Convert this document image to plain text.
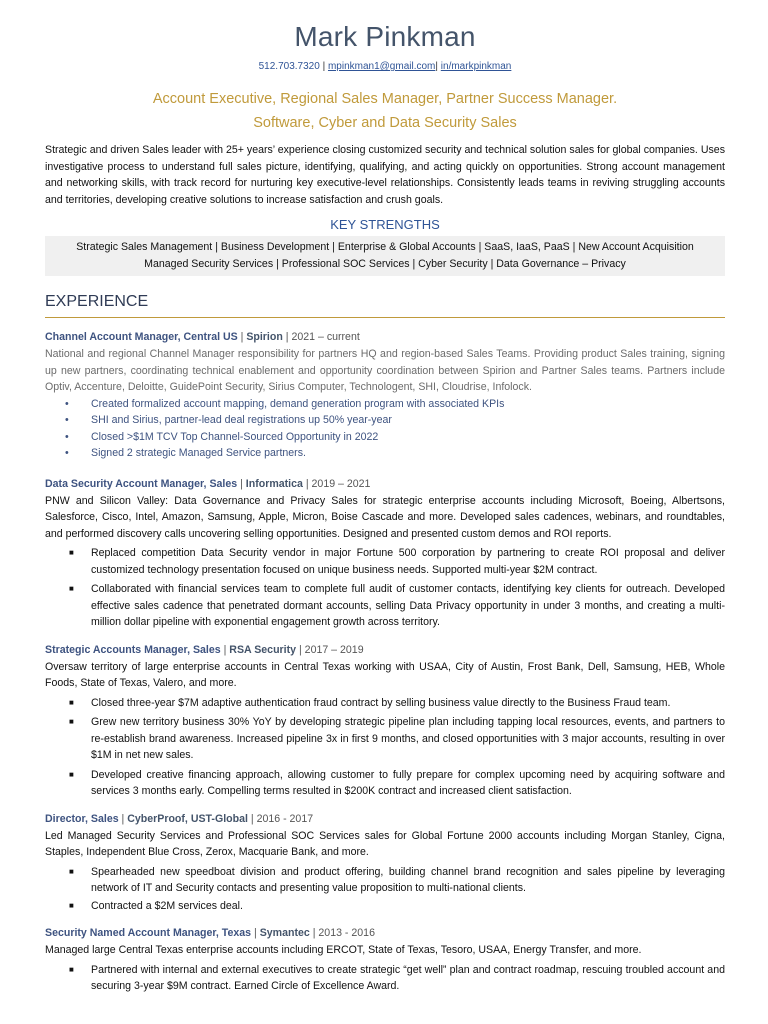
Mark Pinkman
512.703.7320 | mpinkman1@gmail.com| in/markpinkman
Account Executive, Regional Sales Manager, Partner Success Manager.
Software, Cyber and Data Security Sales
Strategic and driven Sales leader with 25+ years’ experience closing customized security and technical solution sales for global companies. Uses investigative process to understand full sales picture, identifying, qualifying, and acting quickly on opportunities. Strong account management and networking skills, with track record for nurturing key executive-level relationships. Consistently leads teams in reviving struggling accounts and territories, developing creative solutions to increase satisfaction and crush goals.
KEY STRENGTHS
Strategic Sales Management | Business Development | Enterprise & Global Accounts | SaaS, IaaS, PaaS | New Account Acquisition
Managed Security Services | Professional SOC Services | Cyber Security | Data Governance – Privacy
EXPERIENCE
Channel Account Manager, Central US | Spirion | 2021 – current
National and regional Channel Manager responsibility for partners HQ and region-based Sales Teams. Providing product Sales training, signing up new partners, coordinating technical enablement and opportunity coordination between Spirion and Partner Sales teams. Partners include Optiv, Accenture, Deloitte, GuidePoint Security, Sirius Computer, Technologent, SHI, Cloudrise, Infolock.
• Created formalized account mapping, demand generation program with associated KPIs
• SHI and Sirius, partner-lead deal registrations up 50% year-year
• Closed >$1M TCV Top Channel-Sourced Opportunity in 2022
• Signed 2 strategic Managed Service partners.
Data Security Account Manager, Sales | Informatica | 2019 – 2021
PNW and Silicon Valley: Data Governance and Privacy Sales for strategic enterprise accounts including Microsoft, Boeing, Albertsons, Salesforce, Cisco, Intel, Amazon, Samsung, Apple, Micron, Boise Cascade and more. Developed sales cadences, webinars, and roundtables, and performed discovery calls uncovering selling opportunities. Designed and presented custom demos and ROI reports.
■ Replaced competition Data Security vendor in major Fortune 500 corporation by partnering to create ROI proposal and deliver customized technology presentation focused on unique business needs. Supported multi-year $2M contract.
■ Collaborated with financial services team to complete full audit of customer contacts, identifying key clients for outreach. Developed effective sales cadence that penetrated dormant accounts, selling Data Privacy opportunity in under 3 months, and creating a multi-million dollar pipeline with exponential engagement growth across territory.
Strategic Accounts Manager, Sales | RSA Security | 2017 – 2019
Oversaw territory of large enterprise accounts in Central Texas working with USAA, City of Austin, Frost Bank, Dell, Samsung, HEB, Whole Foods, State of Texas, Valero, and more.
■ Closed three-year $7M adaptive authentication fraud contract by selling business value directly to the Business Fraud team.
■ Grew new territory business 30% YoY by developing strategic pipeline plan including tapping local resources, events, and partners to re-establish brand awareness. Increased pipeline 3x in first 9 months, and closed opportunities with 3 major accounts, resulting in over $1M in net new sales.
■ Developed creative financing approach, allowing customer to fully prepare for complex upcoming need by acquiring software and services 3 months early. Compelling terms resulted in $200K contract and increased client satisfaction.
Director, Sales | CyberProof, UST-Global | 2016 - 2017
Led Managed Security Services and Professional SOC Services sales for Global Fortune 2000 accounts including Morgan Stanley, Cigna, Staples, Independent Blue Cross, Zerox, Macquarie Bank, and more.
■ Spearheaded new speedboat division and product offering, building channel brand recognition and sales pipeline by leveraging network of IT and Security contacts and presenting value proposition to multi-national clients.
■ Contracted a $2M services deal.
Security Named Account Manager, Texas | Symantec | 2013 - 2016
Managed large Central Texas enterprise accounts including ERCOT, State of Texas, Tesoro, USAA, Energy Transfer, and more.
■ Partnered with internal and external executives to create strategic “get well” plan and contract roadmap, rescuing troubled account and securing 3-year $9M contract. Earned Circle of Excellence Award.
